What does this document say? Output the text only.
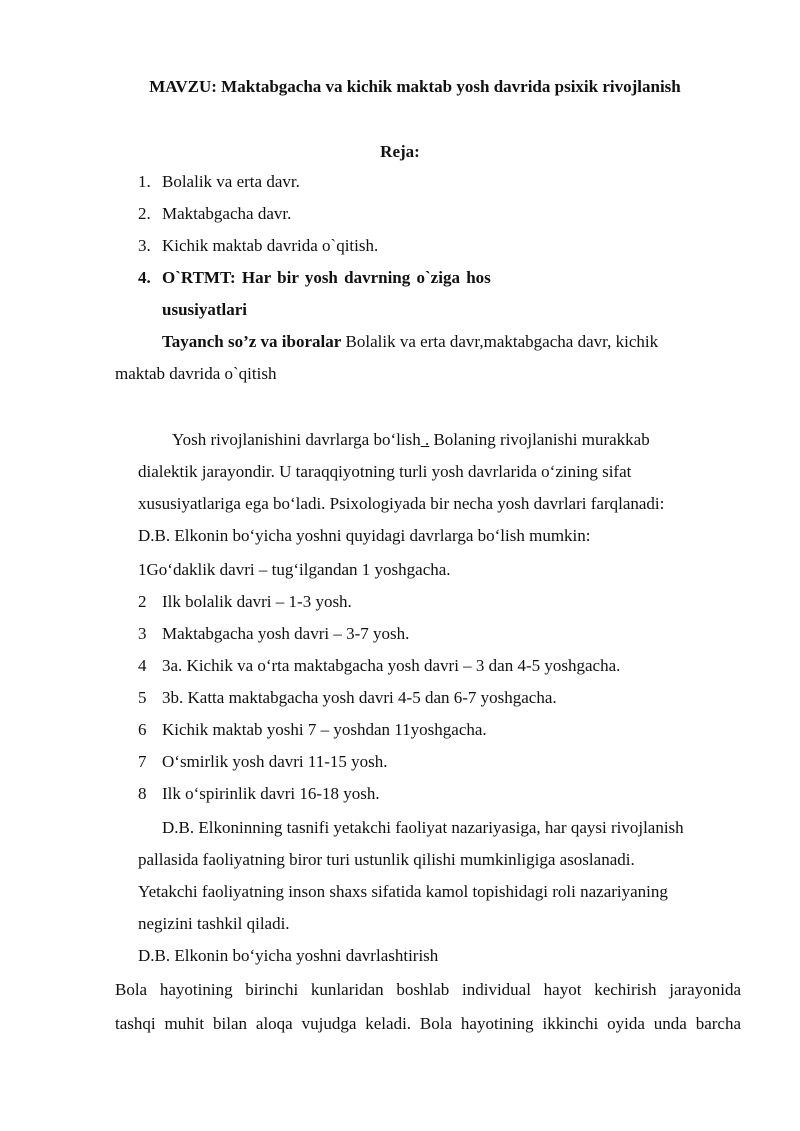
MAVZU: Maktabgacha va kichik maktab yosh davrida psixik rivojlanish
Reja:
1. Bolalik va erta davr.
2. Maktabgacha davr.
3. Kichik maktab davrida o`qitish.
4. O`RTMT: Har bir yosh davrning o`ziga hos
ususiyatlari
Tayanch so’z va iboralar Bolalik va erta davr,maktabgacha davr, kichik
maktab davrida o`qitish
Yosh rivojlanishini davrlarga bo‘lish . Bolaning rivojlanishi murakkab
dialektik jarayondir. U taraqqiyotning turli yosh davrlarida o‘zining sifat
xususiyatlariga ega bo‘ladi. Psixologiyada bir necha yosh davrlari farqlanadi:
D.B. Elkonin bo‘yicha yoshni quyidagi davrlarga bo‘lish mumkin:
1Go‘daklik davri – tug‘ilgandan 1 yoshgacha.
2 Ilk bolalik davri – 1-3 yosh.
3 Maktabgacha yosh davri – 3-7 yosh.
4 3a. Kichik va o‘rta maktabgacha yosh davri – 3 dan 4-5 yoshgacha.
5 3b. Katta maktabgacha yosh davri 4-5 dan 6-7 yoshgacha.
6 Kichik maktab yoshi 7 – yoshdan 11yoshgacha.
7 O‘smirlik yosh davri 11-15 yosh.
8 Ilk o‘spirinlik davri 16-18 yosh.
D.B. Elkoninning tasnifi yetakchi faoliyat nazariyasiga, har qaysi rivojlanish
pallasida faoliyatning biror turi ustunlik qilishi mumkinligiga asoslanadi.
Yetakchi faoliyatning inson shaxs sifatida kamol topishidagi roli nazariyaning
negizini tashkil qiladi.
D.B. Elkonin bo‘yicha yoshni davrlashtirish
Bola hayotining birinchi kunlaridan boshlab individual hayot kechirish jarayonida
tashqi muhit bilan aloqa vujudga keladi. Bola hayotining ikkinchi oyida unda barcha
